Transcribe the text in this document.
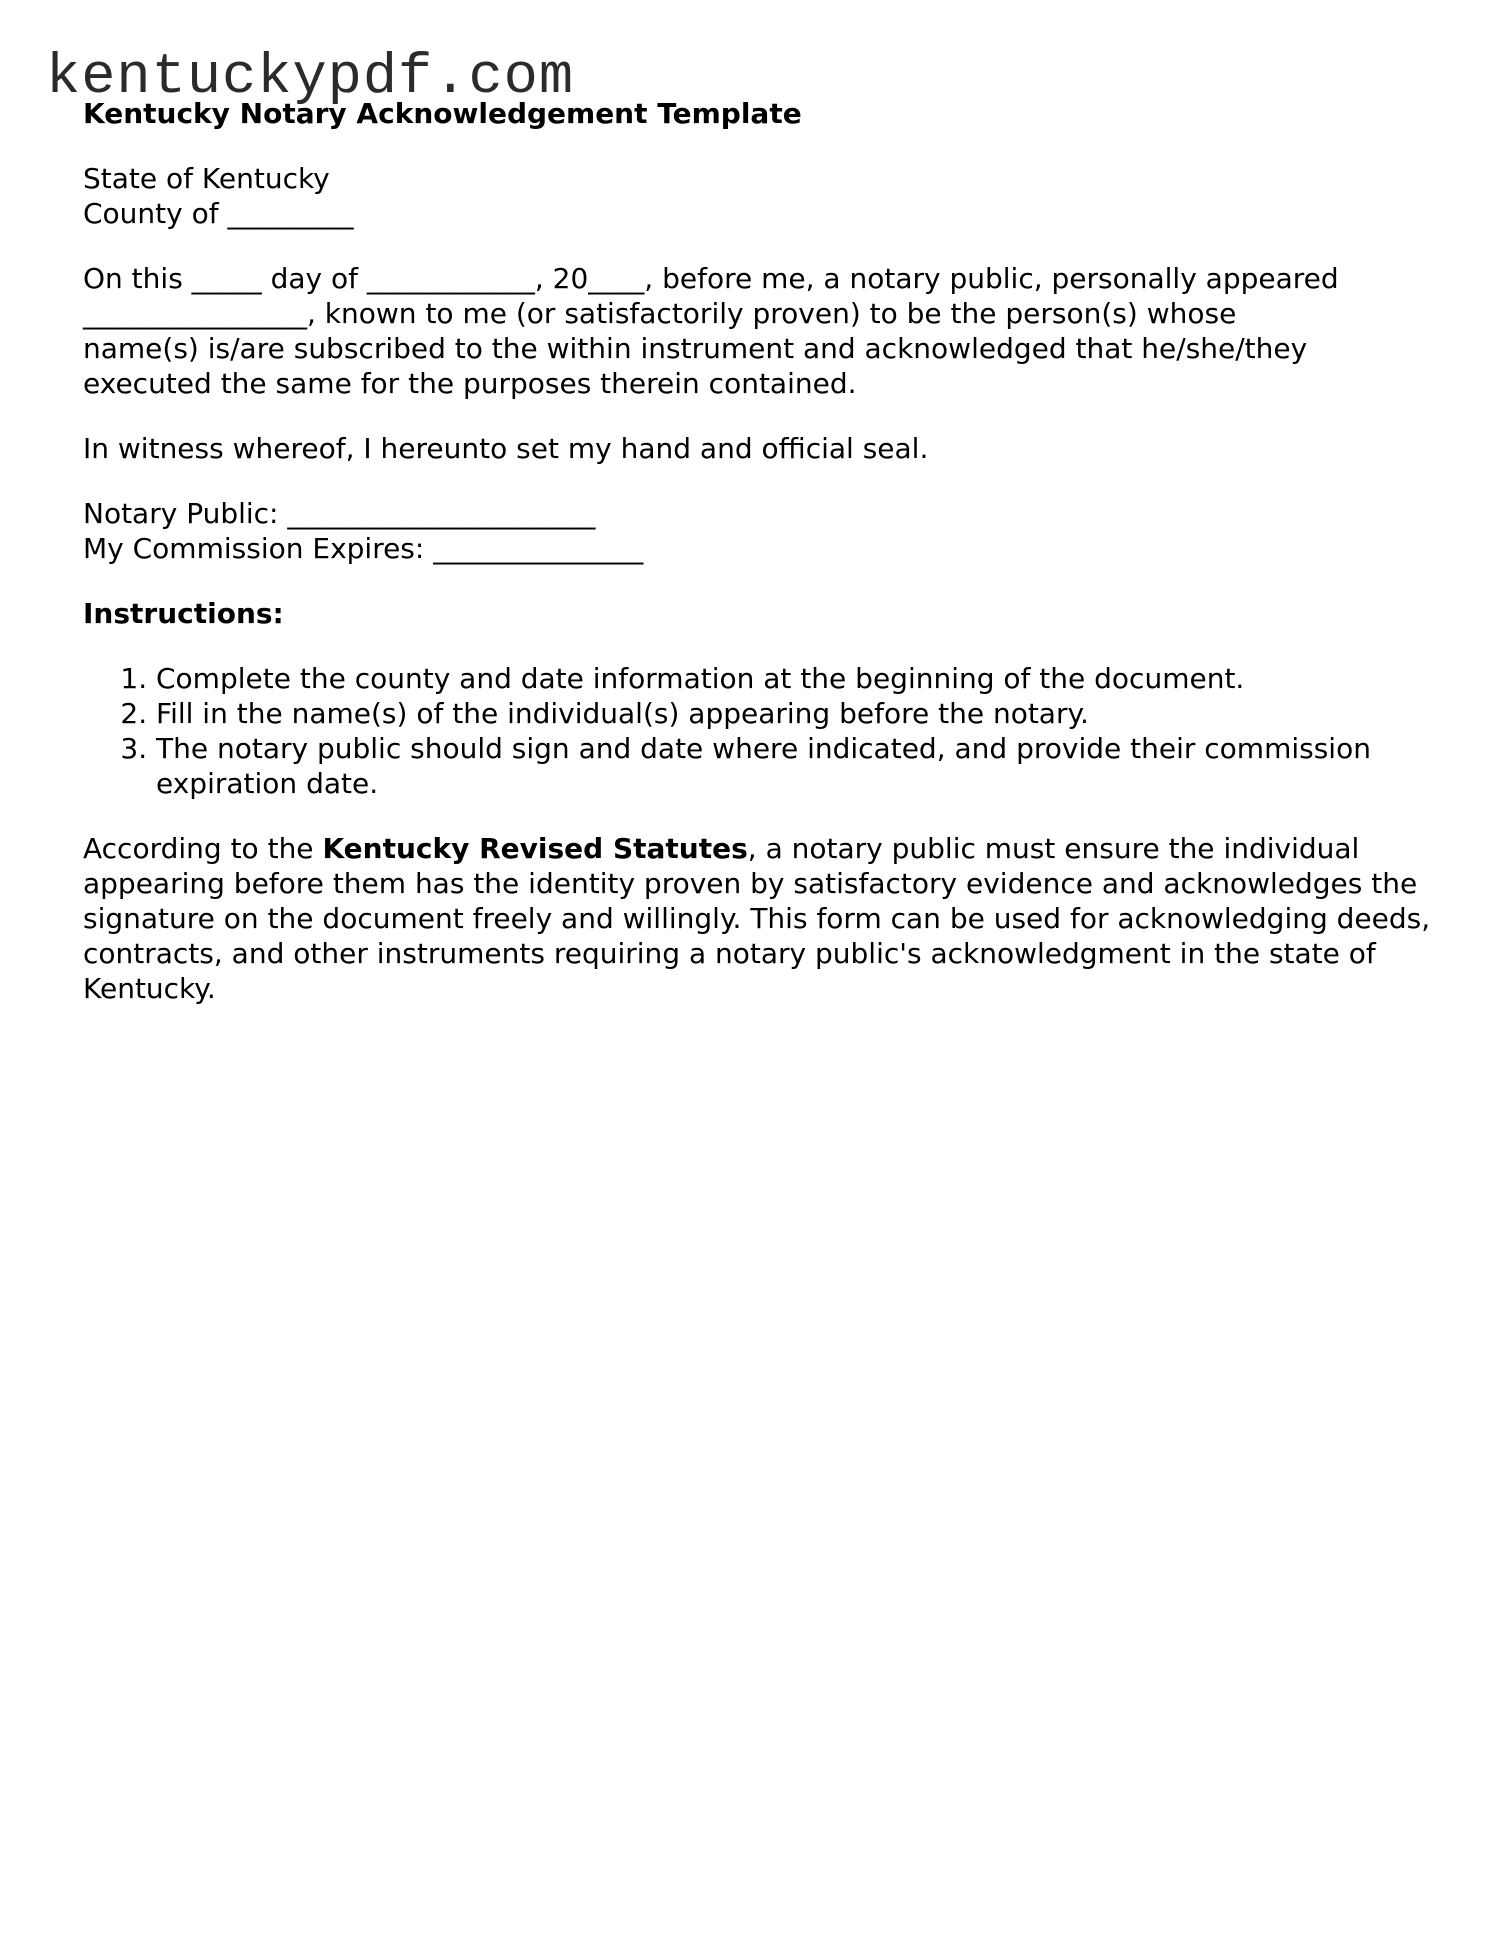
kentuckypdf.com
Kentucky Notary Acknowledgement Template
State of Kentucky
County of _________
On this _____ day of ____________, 20____, before me, a notary public, personally appeared
________________, known to me (or satisfactorily proven) to be the person(s) whose
name(s) is/are subscribed to the within instrument and acknowledged that he/she/they
executed the same for the purposes therein contained.
In witness whereof, I hereunto set my hand and official seal.
Notary Public: ______________________
My Commission Expires: _______________
Instructions:
1. Complete the county and date information at the beginning of the document.
2. Fill in the name(s) of the individual(s) appearing before the notary.
3. The notary public should sign and date where indicated, and provide their commission expiration date.
According to the Kentucky Revised Statutes, a notary public must ensure the individual appearing before them has the identity proven by satisfactory evidence and acknowledges the signature on the document freely and willingly. This form can be used for acknowledging deeds, contracts, and other instruments requiring a notary public's acknowledgment in the state of Kentucky.
